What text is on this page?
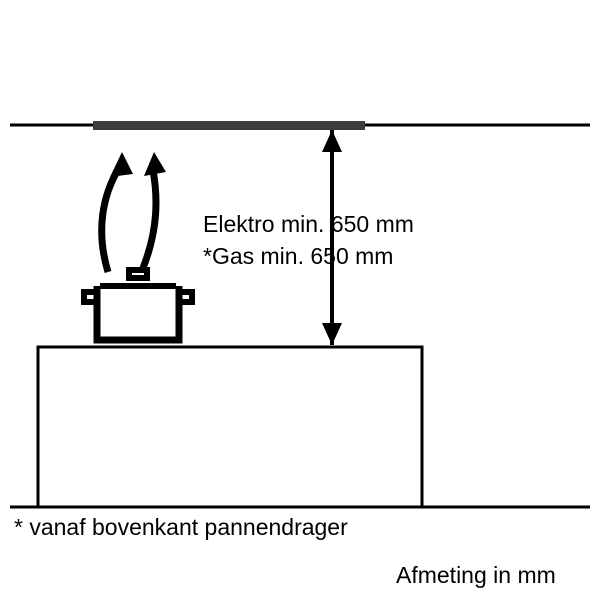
Elektro min. 650 mm
*Gas min. 650 mm
* vanaf bovenkant pannendrager
Afmeting in mm
